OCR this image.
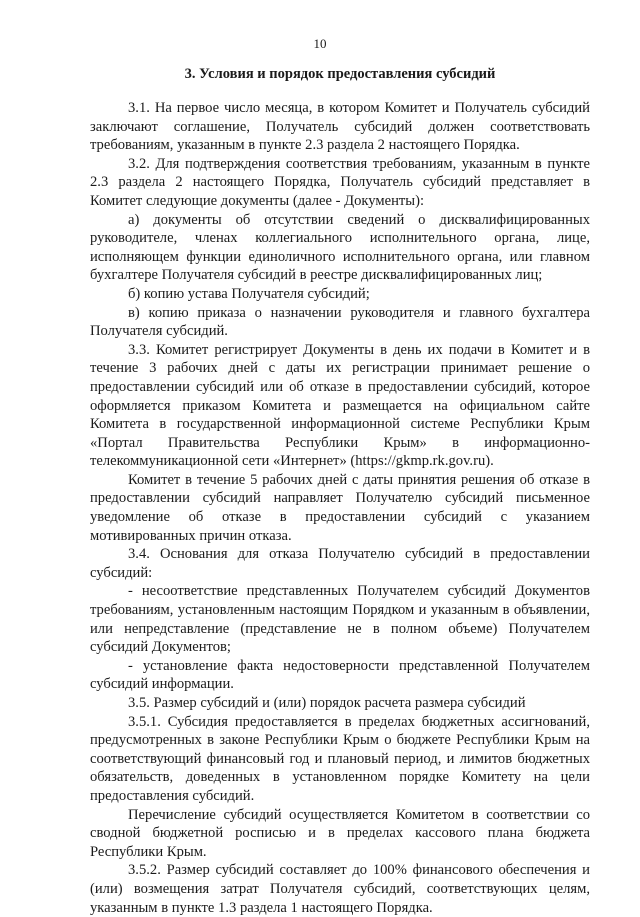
10
3. Условия и порядок предоставления субсидий

3.1. На первое число месяца, в котором Комитет и Получатель субсидий заключают соглашение, Получатель субсидий должен соответствовать требованиям, указанным в пункте 2.3 раздела 2 настоящего Порядка.

3.2. Для подтверждения соответствия требованиям, указанным в пункте 2.3 раздела 2 настоящего Порядка, Получатель субсидий представляет в Комитет следующие документы (далее - Документы):

а) документы об отсутствии сведений о дисквалифицированных руководителе, членах коллегиального исполнительного органа, лице, исполняющем функции единоличного исполнительного органа, или главном бухгалтере Получателя субсидий в реестре дисквалифицированных лиц;

б) копию устава Получателя субсидий;

в) копию приказа о назначении руководителя и главного бухгалтера Получателя субсидий.

3.3. Комитет регистрирует Документы в день их подачи в Комитет и в течение 3 рабочих дней с даты их регистрации принимает решение о предоставлении субсидий или об отказе в предоставлении субсидий, которое оформляется приказом Комитета и размещается на официальном сайте Комитета в государственной информационной системе Республики Крым «Портал Правительства Республики Крым» в информационно-телекоммуникационной сети «Интернет» (https://gkmp.rk.gov.ru).

Комитет в течение 5 рабочих дней с даты принятия решения об отказе в предоставлении субсидий направляет Получателю субсидий письменное уведомление об отказе в предоставлении субсидий с указанием мотивированных причин отказа.

3.4. Основания для отказа Получателю субсидий в предоставлении субсидий:

- несоответствие представленных Получателем субсидий Документов требованиям, установленным настоящим Порядком и указанным в объявлении, или непредставление (представление не в полном объеме) Получателем субсидий Документов;

- установление факта недостоверности представленной Получателем субсидий информации.

3.5. Размер субсидий и (или) порядок расчета размера субсидий

3.5.1. Субсидия предоставляется в пределах бюджетных ассигнований, предусмотренных в законе Республики Крым о бюджете Республики Крым на соответствующий финансовый год и плановый период, и лимитов бюджетных обязательств, доведенных в установленном порядке Комитету на цели предоставления субсидий.

Перечисление субсидий осуществляется Комитетом в соответствии со сводной бюджетной росписью и в пределах кассового плана бюджета Республики Крым.

3.5.2. Размер субсидий составляет до 100% финансового обеспечения и (или) возмещения затрат Получателя субсидий, соответствующих целям, указанным в пункте 1.3 раздела 1 настоящего Порядка.
